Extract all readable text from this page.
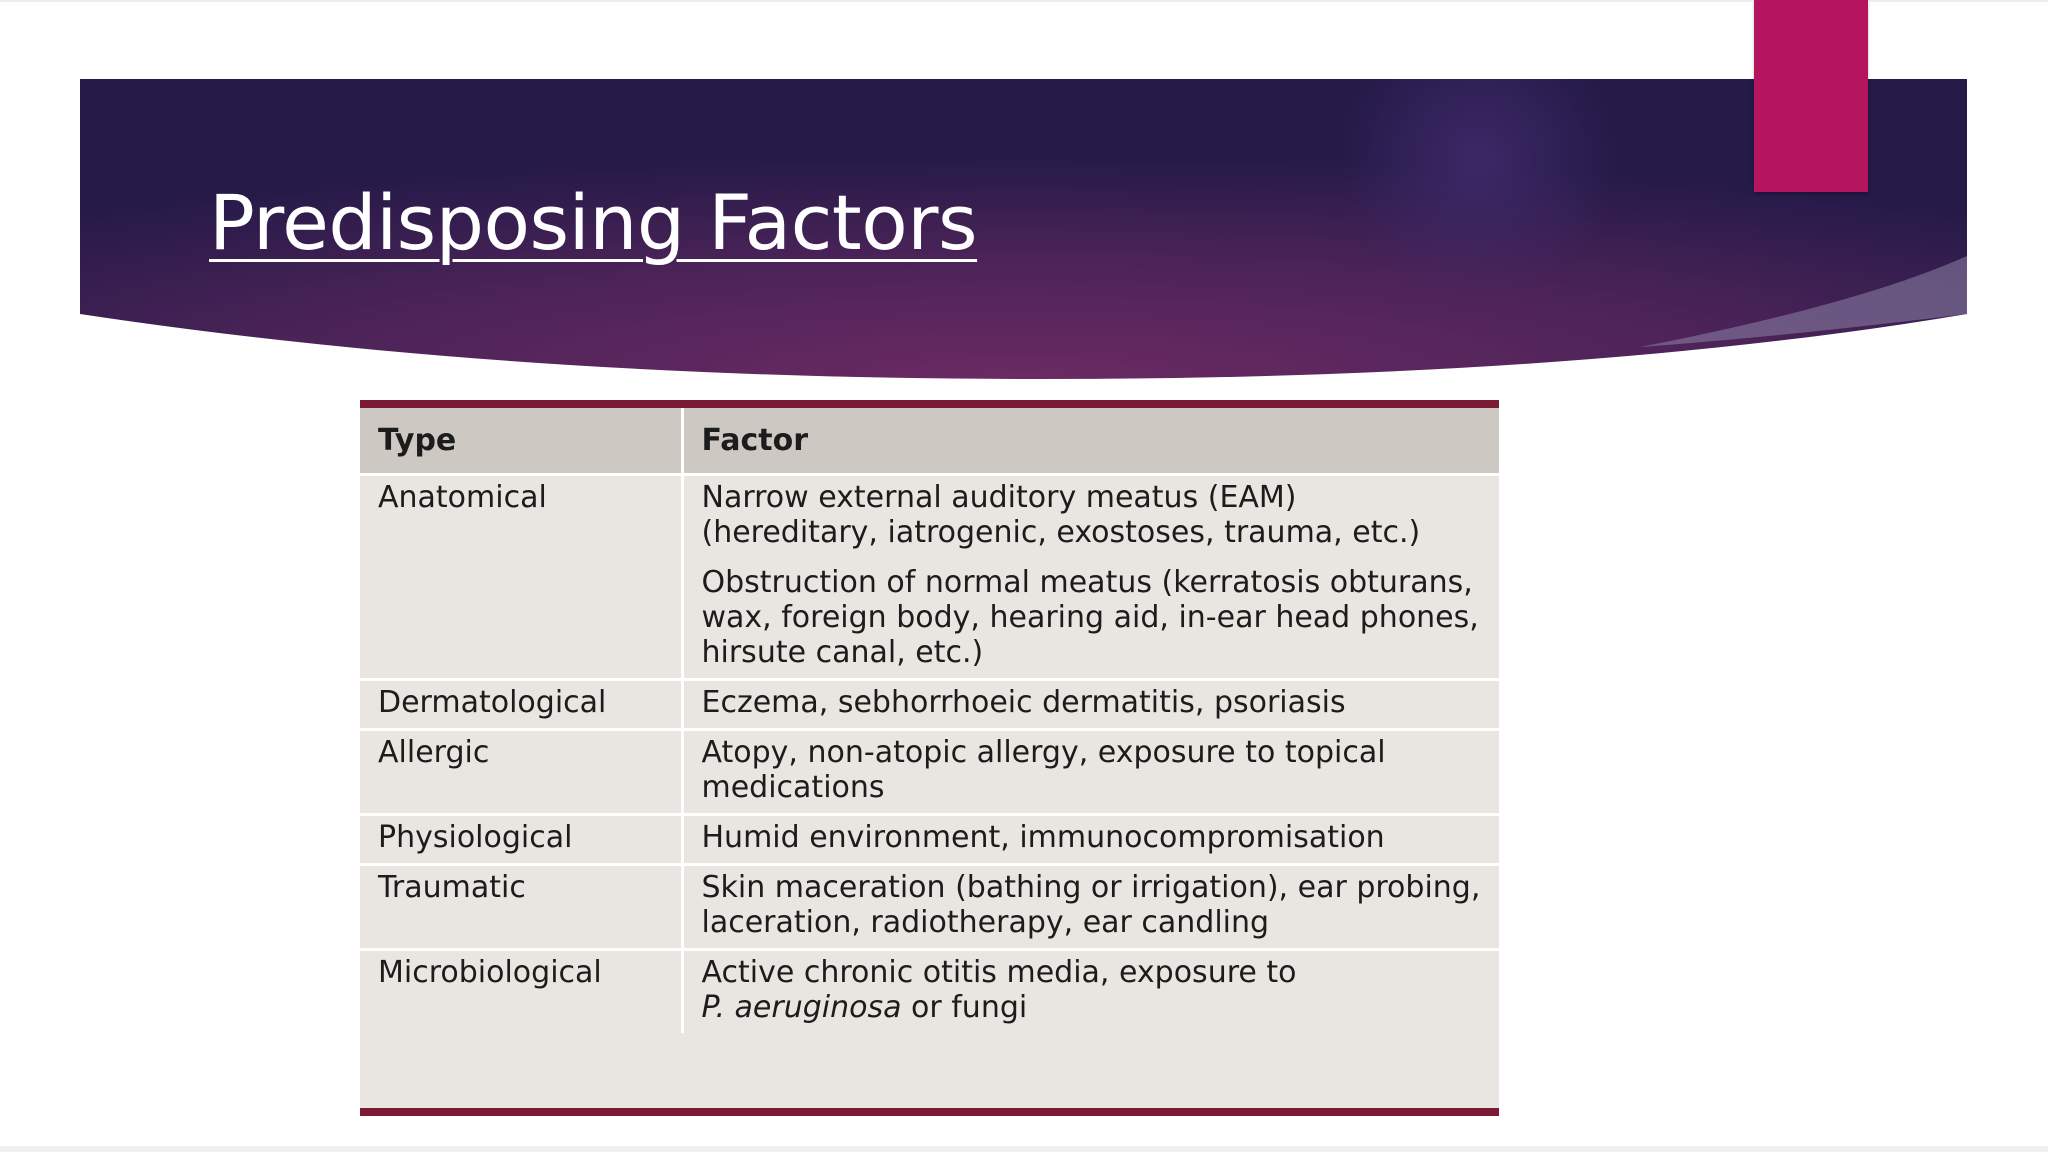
Predisposing Factors
Type	Factor
Anatomical	Narrow external auditory meatus (EAM) (hereditary, iatrogenic, exostoses, trauma, etc.)
Obstruction of normal meatus (kerratosis obturans, wax, foreign body, hearing aid, in-ear head phones, hirsute canal, etc.)

Dermatological	Eczema, sebhorrhoeic dermatitis, psoriasis
Allergic	Atopy, non-atopic allergy, exposure to topical medications
Physiological	Humid environment, immunocompromisation
Traumatic	Skin maceration (bathing or irrigation), ear probing, laceration, radiotherapy, ear candling
Microbiological	Active chronic otitis media, exposure to
P. aeruginosa or fungi
